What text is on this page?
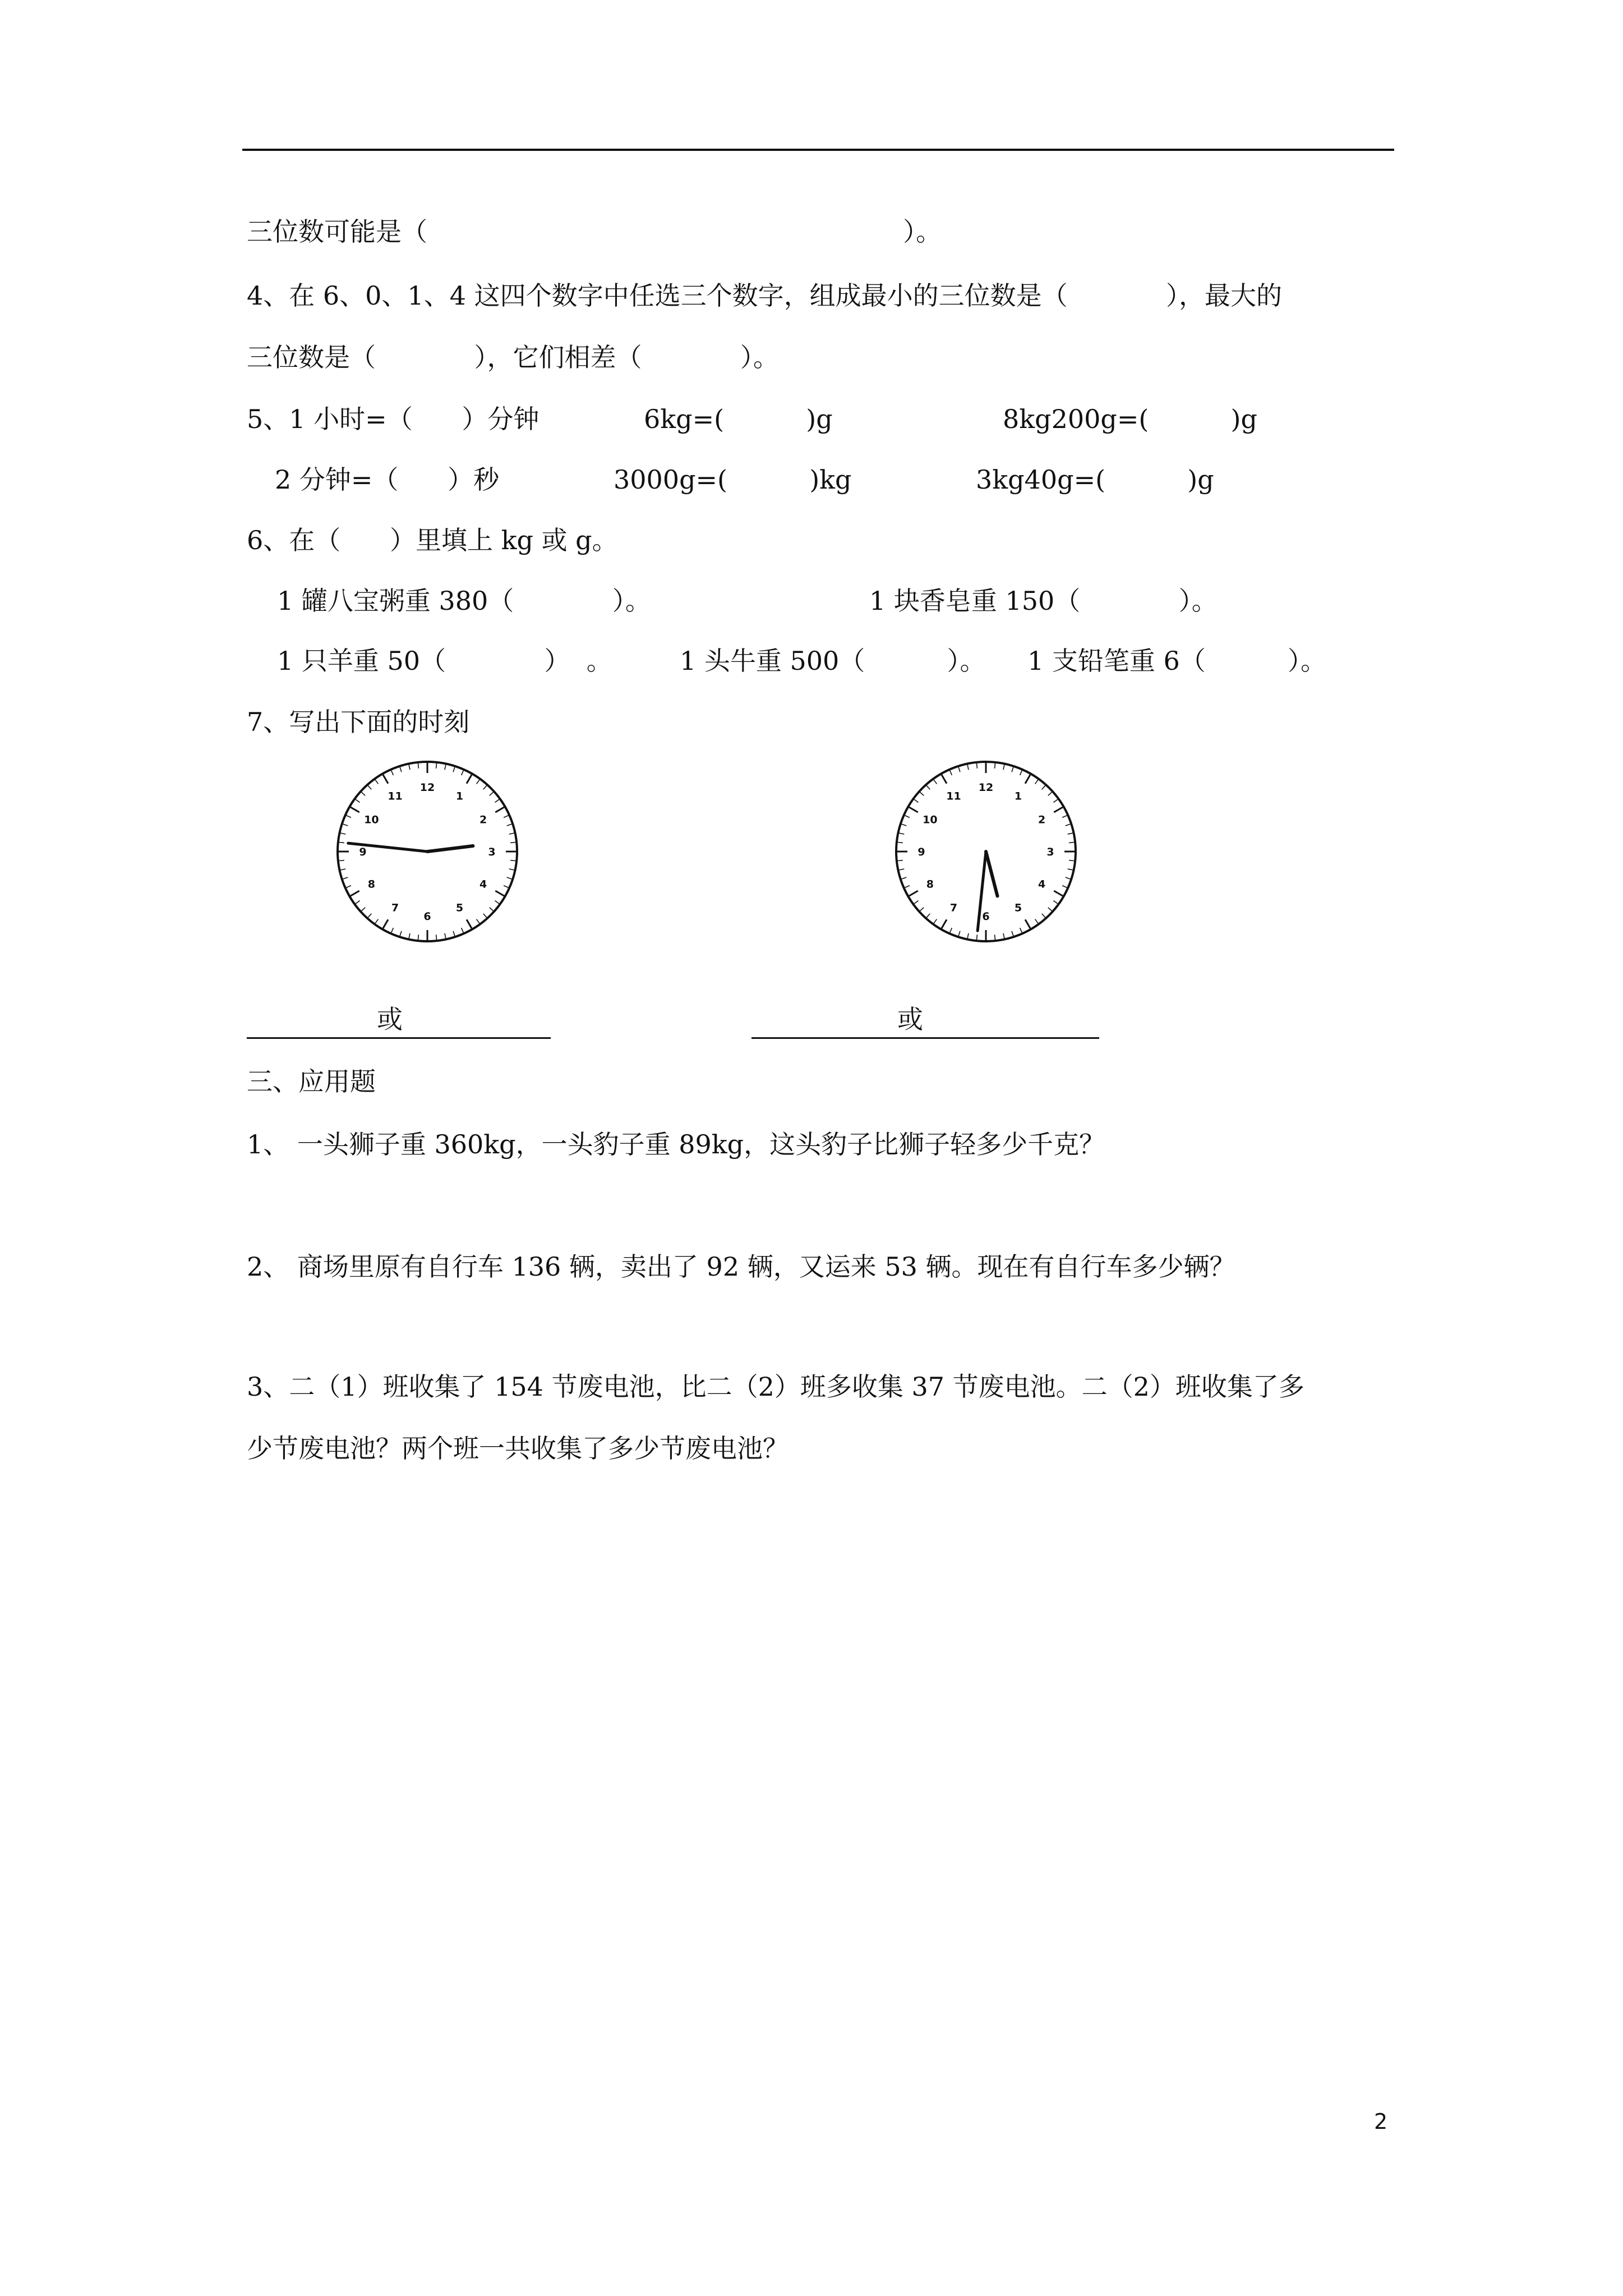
三位数可能是（                                                          ）。
4、在 6、0、1、4 这四个数字中任选三个数字，组成最小的三位数是（            ），最大的
三位数是（            ），它们相差（            ）。
5、1 小时=（      ）分钟	6kg=(          )g	8kg200g=(          )g
2 分钟=（      ）秒	3000g=(          )kg	3kg40g=(          )g
6、在（      ）里填上 kg 或 g。
1 罐八宝粥重 380（            ）。	1 块香皂重 150（            ）。
1 只羊重 50（            ）  。	1 头牛重 500（          ）。 1 支铅笔重 6（          ）。
7、写出下面的时刻
12
1
2
3
4
5
6
7
8
9
10
11
12
1
2
3
4
5
6
7
8
9
10
11
或	或
三、应用题
1、 一头狮子重 360kg，一头豹子重 89kg，这头豹子比狮子轻多少千克？
2、 商场里原有自行车 136 辆，卖出了 92 辆，又运来 53 辆。现在有自行车多少辆？
3、二（1）班收集了 154 节废电池，比二（2）班多收集 37 节废电池。二（2）班收集了多
少节废电池？两个班一共收集了多少节废电池？
2
